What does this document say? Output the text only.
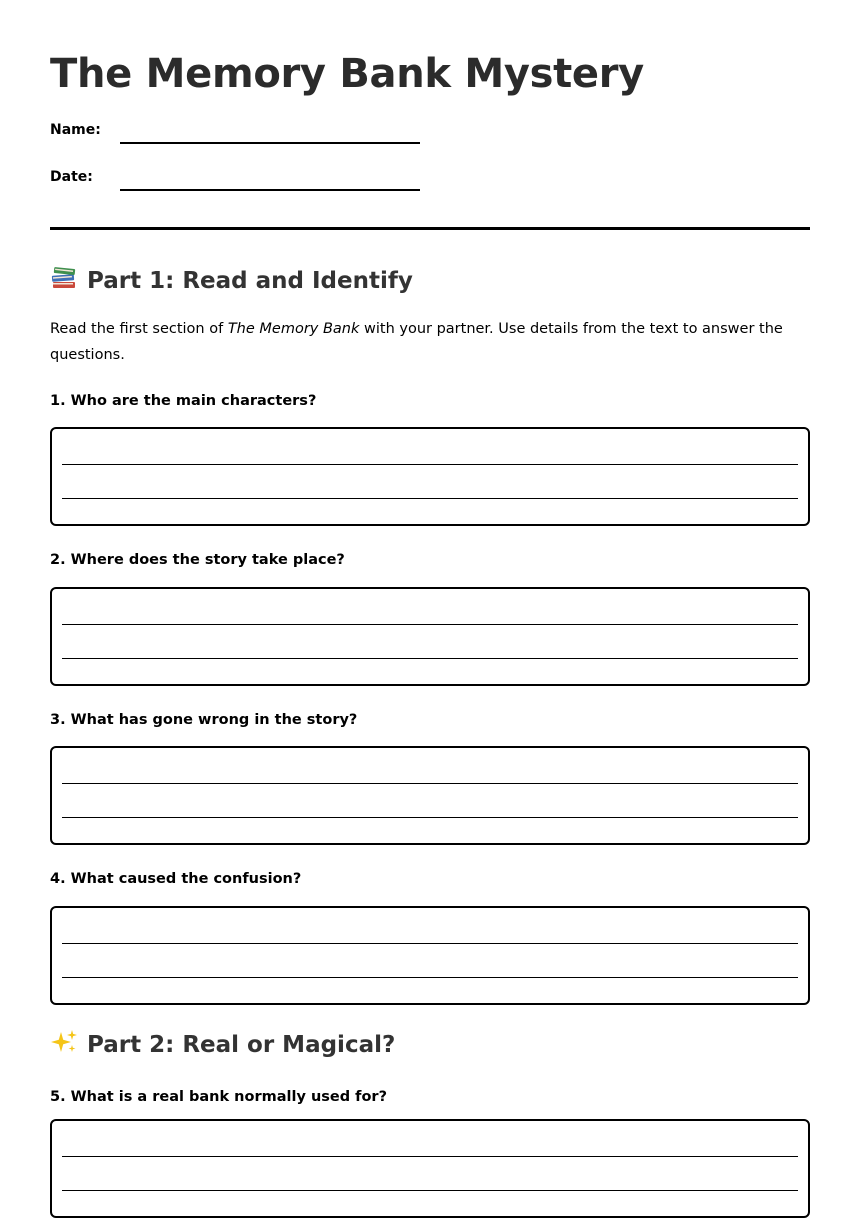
The Memory Bank Mystery
Name:
Date:
Part 1: Read and Identify

Read the first section of The Memory Bank with your partner. Use details from the text to answer the questions.

1. Who are the main characters?

2. Where does the story take place?

3. What has gone wrong in the story?

4. What caused the confusion?

Part 2: Real or Magical?

5. What is a real bank normally used for?
